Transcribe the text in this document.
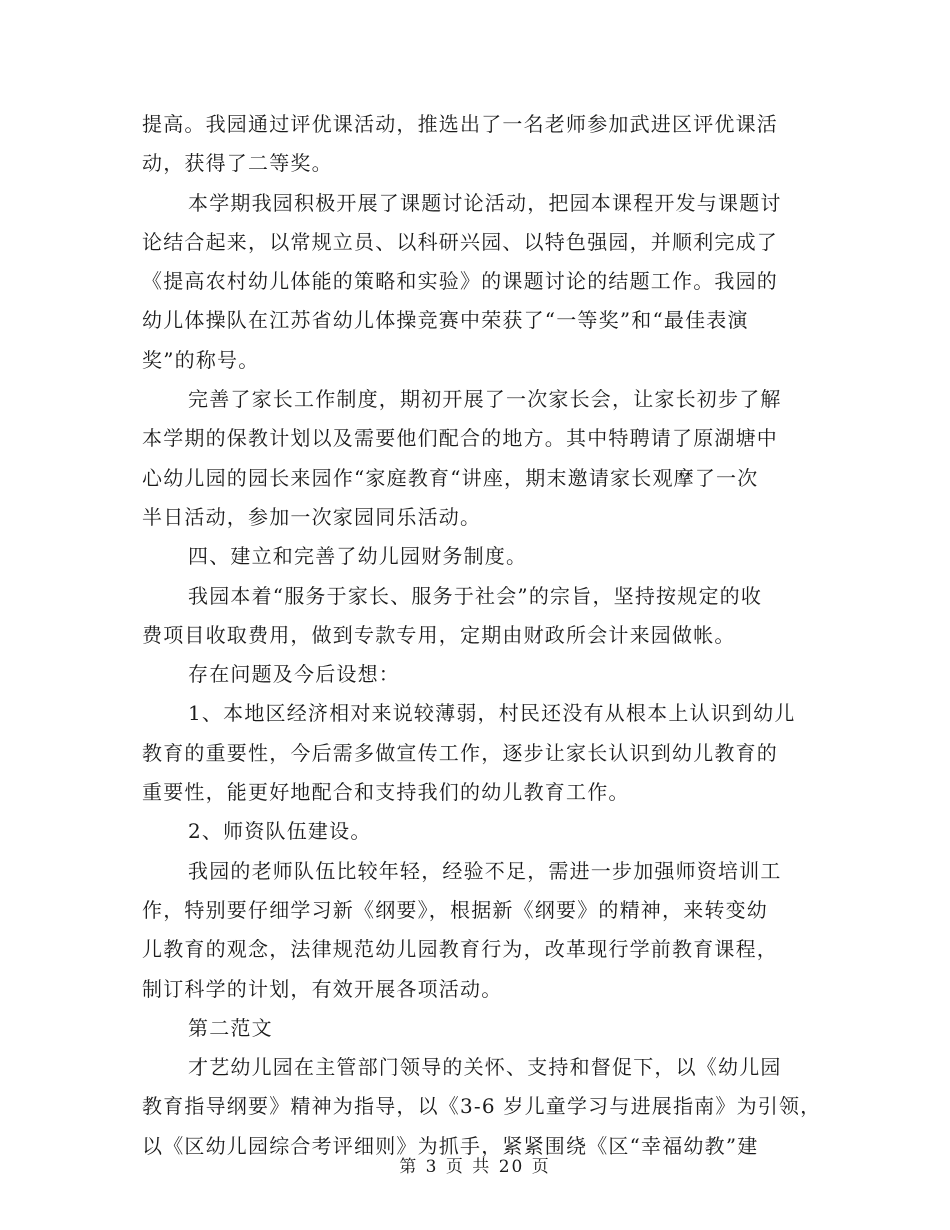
提高。我园通过评优课活动，推选出了一名老师参加武进区评优课活
动，获得了二等奖。
本学期我园积极开展了课题讨论活动，把园本课程开发与课题讨
论结合起来，以常规立员、以科研兴园、以特色强园，并顺利完成了
《提高农村幼儿体能的策略和实验》的课题讨论的结题工作。我园的
幼儿体操队在江苏省幼儿体操竞赛中荣获了“一等奖”和“最佳表演
奖”的称号。
完善了家长工作制度，期初开展了一次家长会，让家长初步了解
本学期的保教计划以及需要他们配合的地方。其中特聘请了原湖塘中
心幼儿园的园长来园作“家庭教育“讲座，期末邀请家长观摩了一次
半日活动，参加一次家园同乐活动。
四、建立和完善了幼儿园财务制度。
我园本着“服务于家长、服务于社会”的宗旨，坚持按规定的收
费项目收取费用，做到专款专用，定期由财政所会计来园做帐。
存在问题及今后设想：
1、本地区经济相对来说较薄弱，村民还没有从根本上认识到幼儿
教育的重要性，今后需多做宣传工作，逐步让家长认识到幼儿教育的
重要性，能更好地配合和支持我们的幼儿教育工作。
2、师资队伍建设。
我园的老师队伍比较年轻，经验不足，需进一步加强师资培训工
作，特别要仔细学习新《纲要》，根据新《纲要》的精神，来转变幼
儿教育的观念，法律规范幼儿园教育行为，改革现行学前教育课程，
制订科学的计划，有效开展各项活动。
第二范文
才艺幼儿园在主管部门领导的关怀、支持和督促下，以《幼儿园
教育指导纲要》精神为指导，以《3-6 岁儿童学习与进展指南》为引领，
以《区幼儿园综合考评细则》为抓手，紧紧围绕《区“幸福幼教”建
第 3 页 共 20 页
